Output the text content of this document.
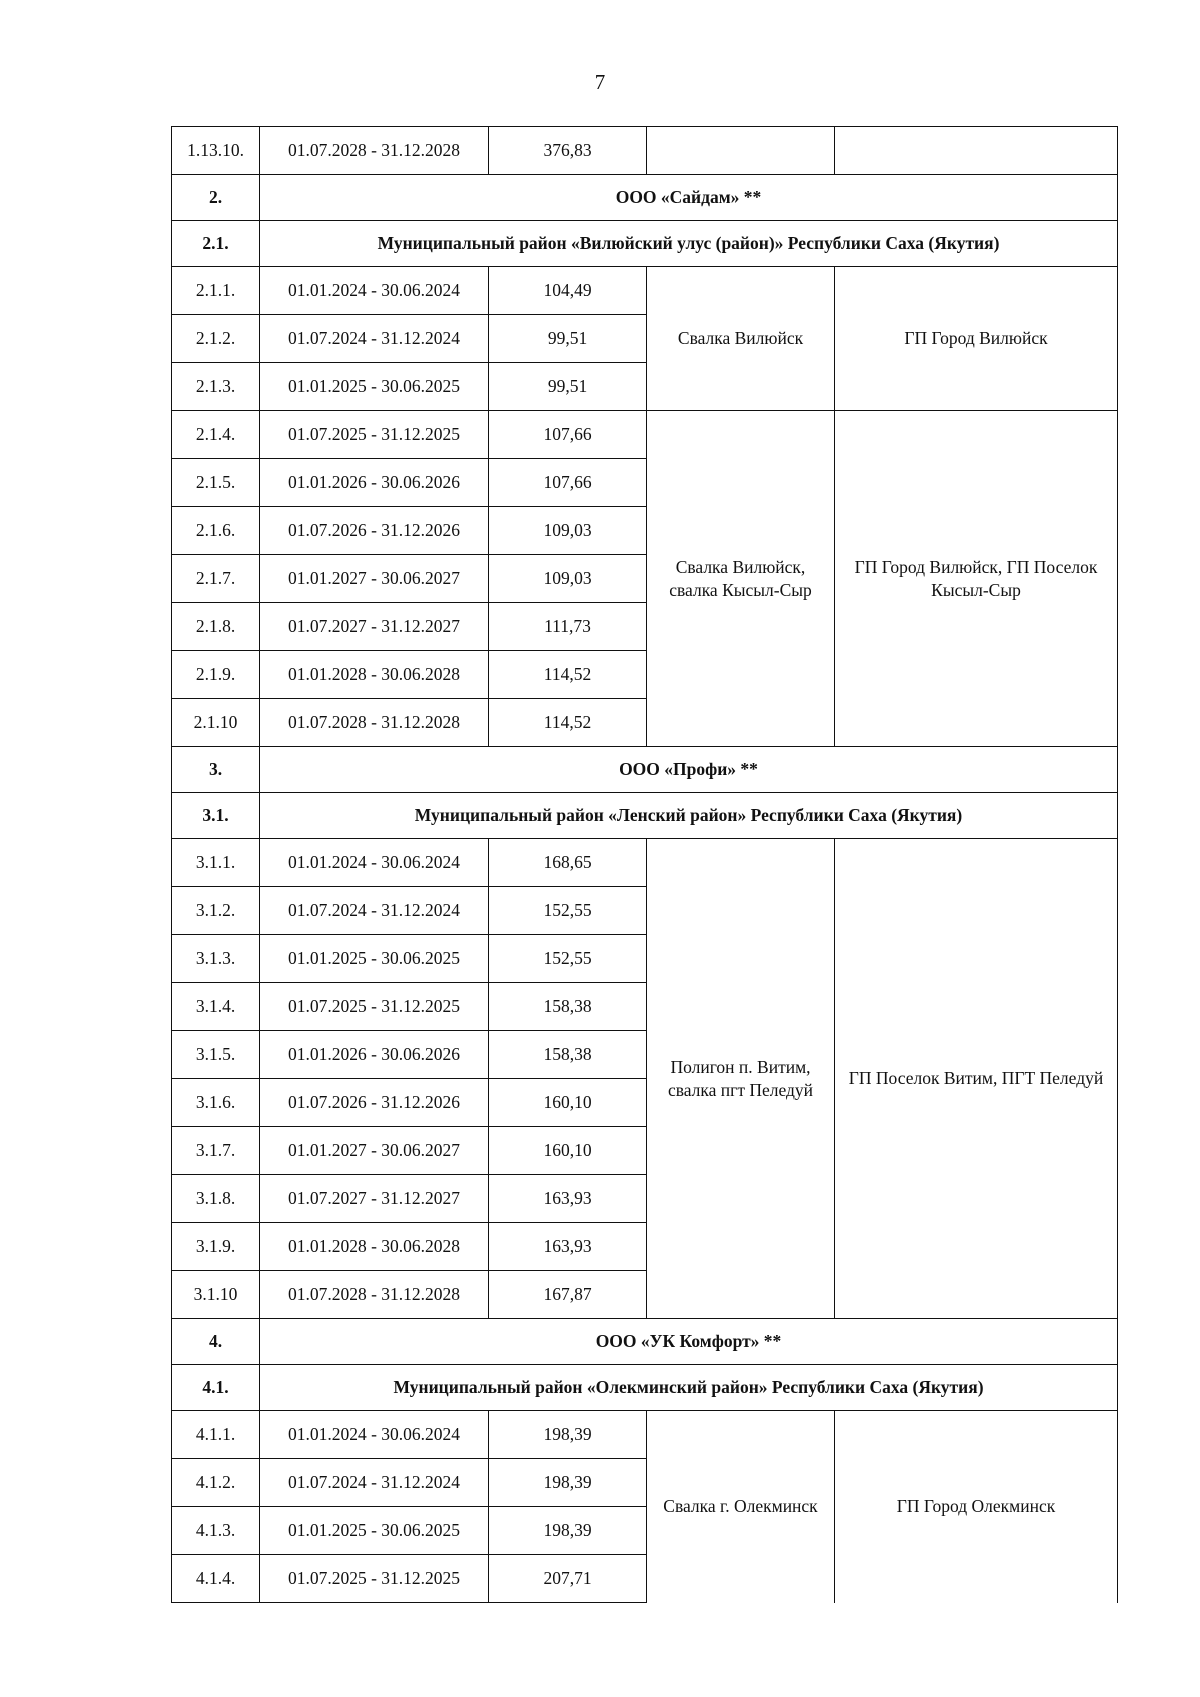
7
1.13.10.	01.07.2028 - 31.12.2028	376,83		
2.	ООО «Сайдам» **			
2.1.	Муниципальный район «Вилюйский улус (район)» Республики Саха (Якутия)			
2.1.1.	01.01.2024 - 30.06.2024	104,49	Свалка Вилюйск	ГП Город Вилюйск
2.1.2.	01.07.2024 - 31.12.2024	99,51		
2.1.3.	01.01.2025 - 30.06.2025	99,51		
2.1.4.	01.07.2025 - 31.12.2025	107,66	Свалка Вилюйск, свалка Кысыл-Сыр	ГП Город Вилюйск, ГП Поселок Кысыл-Сыр
2.1.5.	01.01.2026 - 30.06.2026	107,66		
2.1.6.	01.07.2026 - 31.12.2026	109,03		
2.1.7.	01.01.2027 - 30.06.2027	109,03		
2.1.8.	01.07.2027 - 31.12.2027	111,73		
2.1.9.	01.01.2028 - 30.06.2028	114,52		
2.1.10	01.07.2028 - 31.12.2028	114,52		
3.	ООО «Профи» **			
3.1.	Муниципальный район «Ленский район» Республики Саха (Якутия)			
3.1.1.	01.01.2024 - 30.06.2024	168,65	Полигон п. Витим, свалка пгт Пеледуй	ГП Поселок Витим, ПГТ Пеледуй
3.1.2.	01.07.2024 - 31.12.2024	152,55		
3.1.3.	01.01.2025 - 30.06.2025	152,55		
3.1.4.	01.07.2025 - 31.12.2025	158,38		
3.1.5.	01.01.2026 - 30.06.2026	158,38		
3.1.6.	01.07.2026 - 31.12.2026	160,10		
3.1.7.	01.01.2027 - 30.06.2027	160,10		
3.1.8.	01.07.2027 - 31.12.2027	163,93		
3.1.9.	01.01.2028 - 30.06.2028	163,93		
3.1.10	01.07.2028 - 31.12.2028	167,87		
4.	ООО «УК Комфорт» **			
4.1.	Муниципальный район «Олекминский район» Республики Саха (Якутия)			
4.1.1.	01.01.2024 - 30.06.2024	198,39	Свалка г. Олекминск	ГП Город Олекминск
4.1.2.	01.07.2024 - 31.12.2024	198,39		
4.1.3.	01.01.2025 - 30.06.2025	198,39		
4.1.4.	01.07.2025 - 31.12.2025	207,71		
